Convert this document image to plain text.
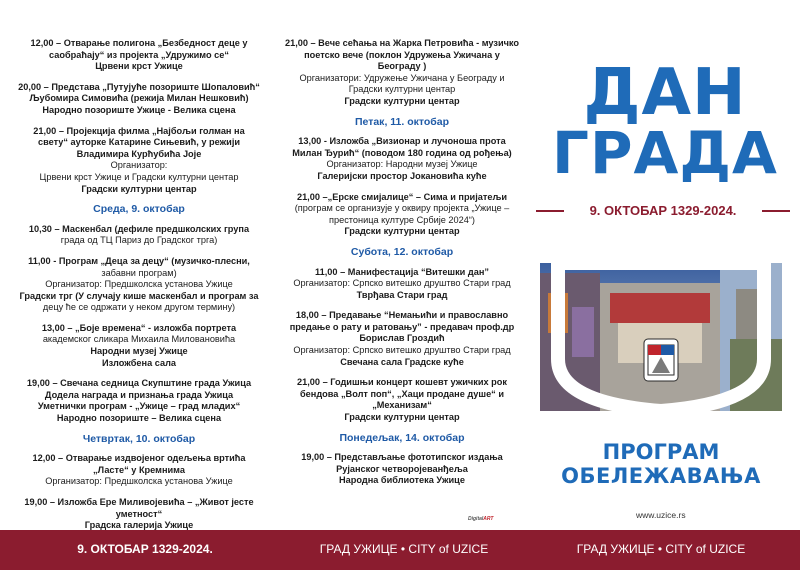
12,00 – Отварање полигона „Безбедност деце у

саобраћају“ из пројекта „Удружимо се“

Црвени крст Ужице

20,00 – Представа „Путујуће позориште Шопаловић“

Љубомира Симовића (режија Милан Нешковић)

Народно позориште Ужице - Велика сцена

21,00 – Пројекција филма „Најбољи голман на

свету“ ауторке Катарине Сињевић, у режији

Владимира Курћубића Јоје

Организатор:

Црвени крст Ужице и Градски културни центар

Градски културни центар

Среда, 9. октобар

10,30 – Маскенбал (дефиле предшколских група

града од ТЦ Париз до Градског трга)

11,00 - Програм „Деца за децу“ (музичко-плесни,

забавни програм)

Организатор: Предшколска установа Ужице

Градски трг (У случају кише маскенбал и програм за

децу ће се одржати у неком другом термину)

13,00 – „Боје времена“ - изложба портрета

академског сликара Михаила Миловановића

Народни музеј Ужице

Изложбена сала

19,00 – Свечана седница Скупштине града Ужица

Додела награда и признања града Ужица

Уметнички програм - „Ужице – град младих“

Народно позориште – Велика сцена

Четвртак, 10. октобар

12,00 – Отварање издвојеног одељења вртића

„Ласте“ у Кремнима

Организатор: Предшколска установа Ужице

19,00 – Изложба Ере Миливојевића – „Живот јесте

уметност“

Градска галерија Ужице

21,00 – Вече сећања на Жарка Петровића - музичко

поетско вече (поклон Удружења Ужичана у

Београду )

Организатори: Удружење Ужичана у Београду и

Градски културни центар

Градски културни центар

Петак, 11. октобар

13,00 - Изложба „Визионар и лучоноша прота

Милан Ђурић“ (поводом 180 година од рођења)

Организатор: Народни музеј Ужице

Галеријски простор Јокановића куће

21,00 –„Ерске смијалице“ – Сима и пријатељи

(програм се организује у оквиру пројекта „Ужице –

престоница културе Србије 2024“)

Градски културни центар

Субота, 12. октобар

11,00 – Манифестација “Витешки дан”

Организатор: Српско витешко друштво Стари град

Тврђава Стари град

18,00 – Предавање “Немањићи и православно

предање о рату и ратовању” - предавач проф.др

Борислав Гроздић

Организатор: Српско витешко друштво Стари град

Свечана сала Градске куће

21,00 – Годишњи концерт кошевт ужичких рок

бендова „Волт поп“, „Хаци продане душе“ и

„Механизам“

Градски културни центар

Понедељак, 14. октобар

19,00 – Представљање фототипског издања

Рујанског четворојеванђеља

Народна библиотека Ужице

DigitalART
ДАН
ГРАДА
9. ОКТОБАР 1329-2024.
ПРОГРАМ
ОБЕЛЕЖАВАЊА
www.uzice.rs
9. ОКТОБАР 1329-2024.	ГРАД УЖИЦЕ • CITY of UZICE	ГРАД УЖИЦЕ • CITY of UZICE
